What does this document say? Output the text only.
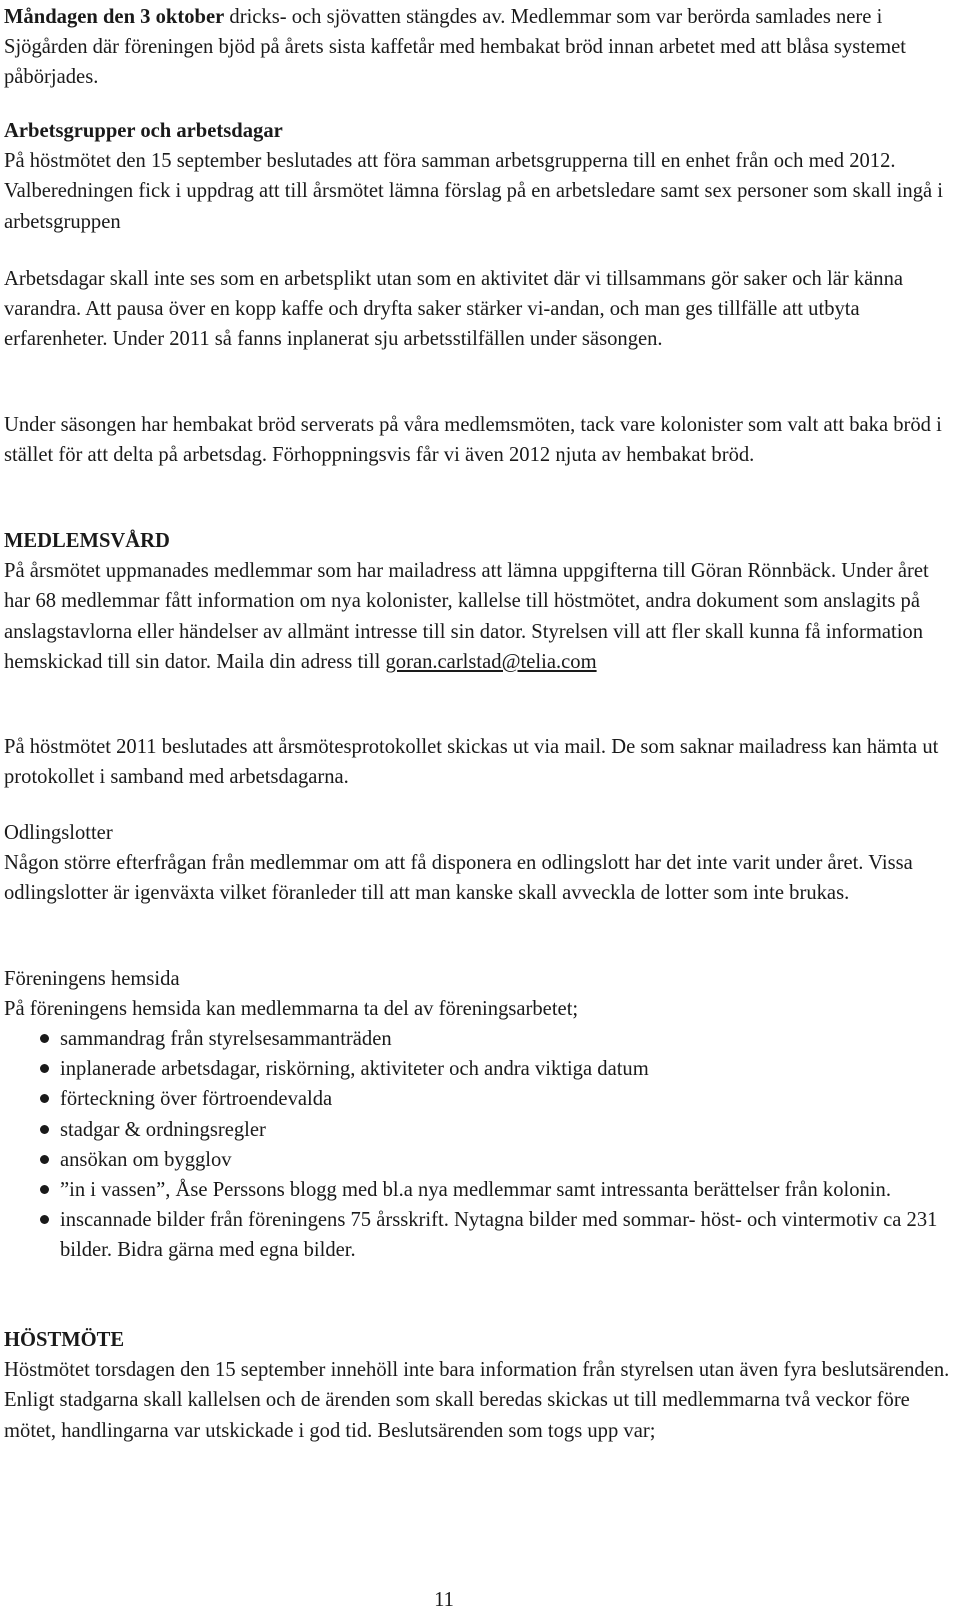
Måndagen den 3 oktober dricks- och sjövatten stängdes av. Medlemmar som var berörda samlades nere i Sjögården där föreningen bjöd på årets sista kaffetår med hembakat bröd innan arbetet med att blåsa systemet påbörjades.

Arbetsgrupper och arbetsdagar

På höstmötet den 15 september beslutades att föra samman arbetsgrupperna till en enhet från och med 2012. Valberedningen fick i uppdrag att till årsmötet lämna förslag på en arbetsledare samt sex personer som skall ingå i arbetsgruppen

Arbetsdagar skall inte ses som en arbetsplikt utan som en aktivitet där vi tillsammans gör saker och lär känna varandra. Att pausa över en kopp kaffe och dryfta saker stärker vi-andan, och man ges tillfälle att utbyta erfarenheter. Under 2011 så fanns inplanerat sju arbetsstilfällen under säsongen.

Under säsongen har hembakat bröd serverats på våra medlemsmöten, tack vare kolonister som valt att baka bröd i stället för att delta på arbetsdag. Förhoppningsvis får vi även 2012 njuta av hembakat bröd.

MEDLEMSVÅRD

På årsmötet uppmanades medlemmar som har mailadress att lämna uppgifterna till Göran Rönnbäck. Under året har 68 medlemmar fått information om nya kolonister, kallelse till höstmötet, andra dokument som anslagits på anslagstavlorna eller händelser av allmänt intresse till sin dator. Styrelsen vill att fler skall kunna få information hemskickad till sin dator. Maila din adress till goran.carlstad@telia.com

På höstmötet 2011 beslutades att årsmötesprotokollet skickas ut via mail. De som saknar mailadress kan hämta ut protokollet i samband med arbetsdagarna.

Odlingslotter

Någon större efterfrågan från medlemmar om att få disponera en odlingslott har det inte varit under året. Vissa odlingslotter är igenväxta vilket föranleder till att man kanske skall avveckla de lotter som inte brukas.

Föreningens hemsida

På föreningens hemsida kan medlemmarna ta del av föreningsarbetet;

sammandrag från styrelsesammanträden
inplanerade arbetsdagar, riskörning, aktiviteter och andra viktiga datum
förteckning över förtroendevalda
stadgar & ordningsregler
ansökan om bygglov
”in i vassen”, Åse Perssons blogg med bl.a nya medlemmar samt intressanta berättelser från kolonin.
inscannade bilder från föreningens 75 årsskrift. Nytagna bilder med sommar- höst- och vintermotiv ca 231 bilder. Bidra gärna med egna bilder.

HÖSTMÖTE

Höstmötet torsdagen den 15 september innehöll inte bara information från styrelsen utan även fyra beslutsärenden. Enligt stadgarna skall kallelsen och de ärenden som skall beredas skickas ut till medlemmarna två veckor före mötet, handlingarna var utskickade i god tid. Beslutsärenden som togs upp var;

11
